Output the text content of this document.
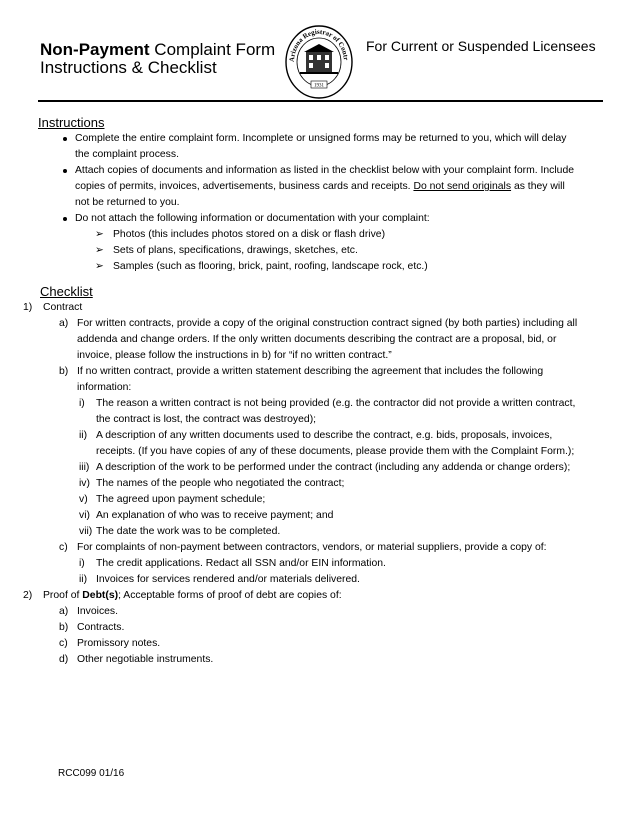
Non-Payment Complaint Form
Instructions & Checklist	Arizona Registrar of Contr
1931
For Current or Suspended Licensees
Instructions
Complete the entire complaint form. Incomplete or unsigned forms may be returned to you, which will delay
the complaint process.
Attach copies of documents and information as listed in the checklist below with your complaint form. Include
copies of permits, invoices, advertisements, business cards and receipts. Do not send originals as they will
not be returned to you.
Do not attach the following information or documentation with your complaint:
➢ Photos (this includes photos stored on a disk or flash drive)
➢ Sets of plans, specifications, drawings, sketches, etc.
➢ Samples (such as flooring, brick, paint, roofing, landscape rock, etc.)
Checklist
1) Contract
a) For written contracts, provide a copy of the original construction contract signed (by both parties) including all
addenda and change orders. If the only written documents describing the contract are a proposal, bid, or
invoice, please follow the instructions in b) for “if no written contract.”
b) If no written contract, provide a written statement describing the agreement that includes the following
information:
i) The reason a written contract is not being provided (e.g. the contractor did not provide a written contract,
the contract is lost, the contract was destroyed);
ii) A description of any written documents used to describe the contract, e.g. bids, proposals, invoices,
receipts. (If you have copies of any of these documents, please provide them with the Complaint Form.);
iii) A description of the work to be performed under the contract (including any addenda or change orders);
iv) The names of the people who negotiated the contract;
v) The agreed upon payment schedule;
vi) An explanation of who was to receive payment; and
vii) The date the work was to be completed.
c) For complaints of non-payment between contractors, vendors, or material suppliers, provide a copy of:
i) The credit applications. Redact all SSN and/or EIN information.
ii) Invoices for services rendered and/or materials delivered.
2) Proof of Debt(s); Acceptable forms of proof of debt are copies of:
a) Invoices.
b) Contracts.
c) Promissory notes.
d) Other negotiable instruments.
RCC099 01/16
